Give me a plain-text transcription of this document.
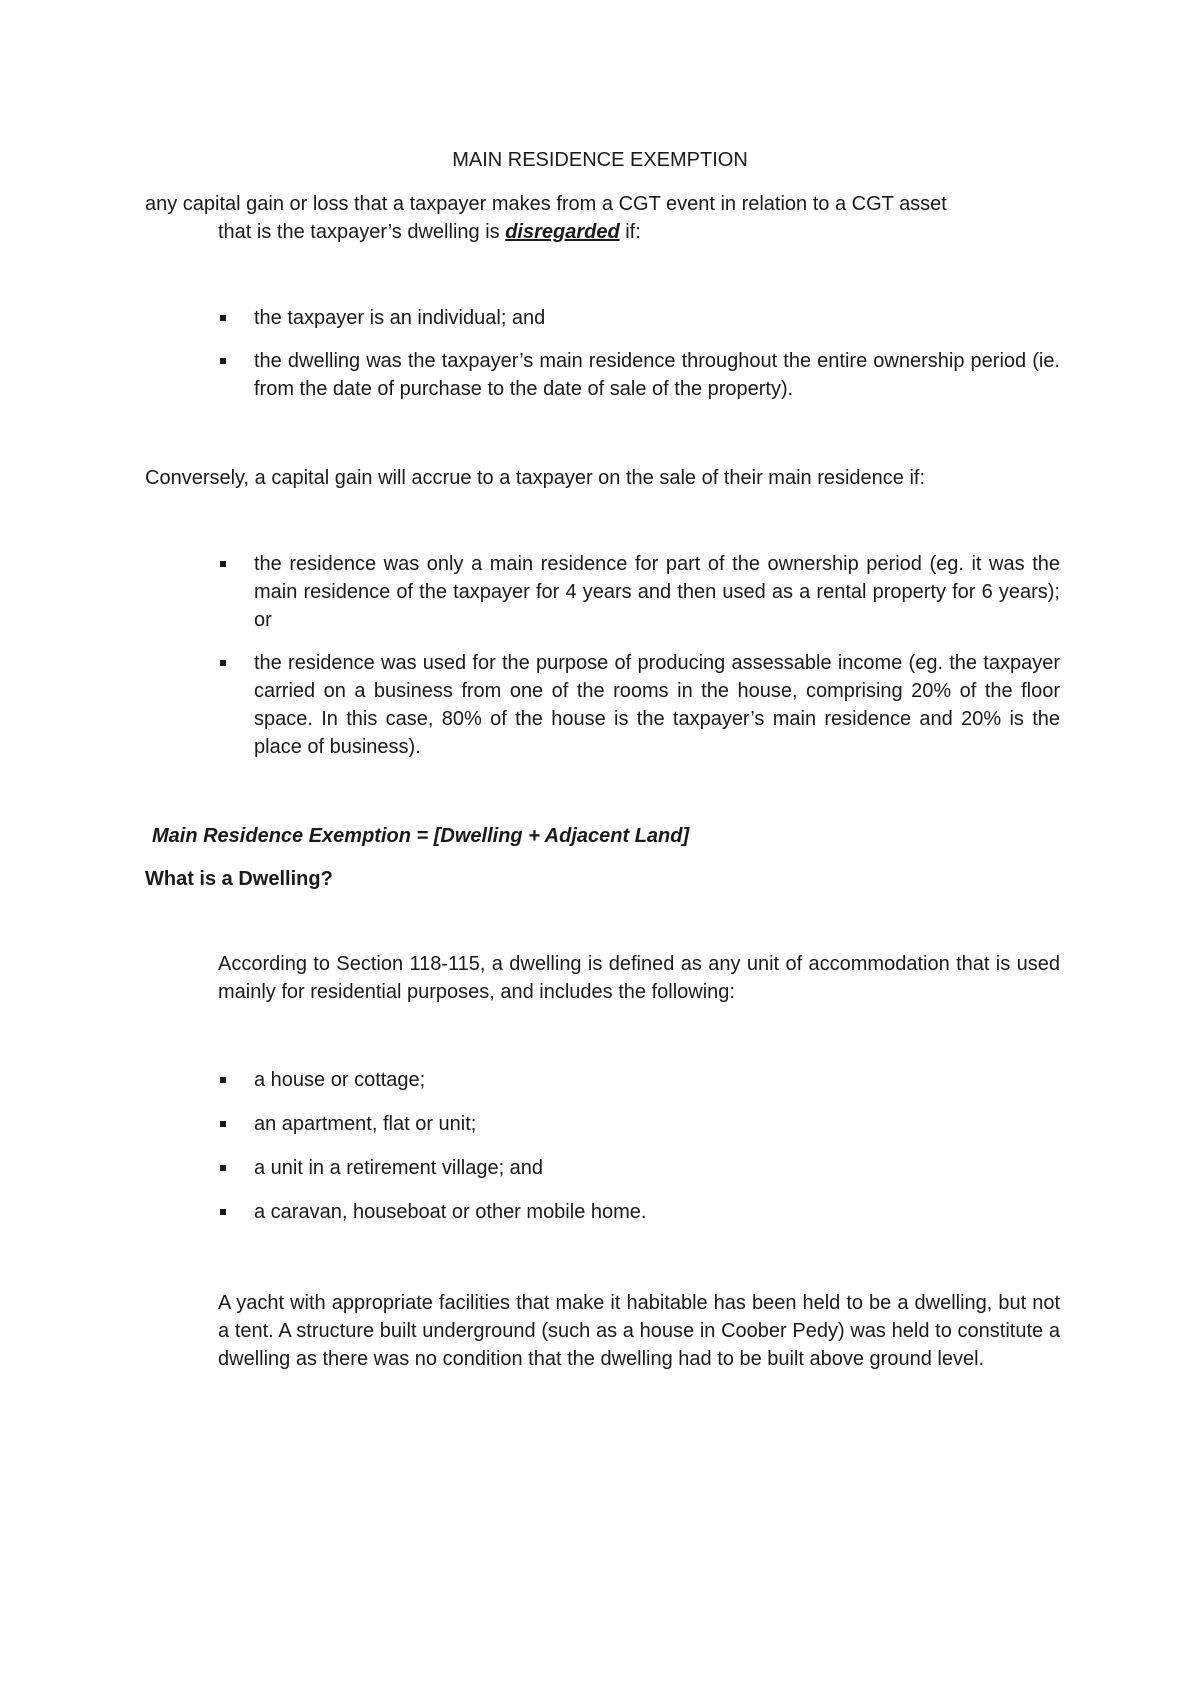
MAIN RESIDENCE EXEMPTION

any capital gain or loss that a taxpayer makes from a CGT event in relation to a CGT asset
that is the taxpayer’s dwelling is disregarded if:

the taxpayer is an individual; and
the dwelling was the taxpayer’s main residence throughout the entire ownership period (ie. from the date of purchase to the date of sale of the property).

Conversely, a capital gain will accrue to a taxpayer on the sale of their main residence if:

the residence was only a main residence for part of the ownership period (eg. it was the main residence of the taxpayer for 4 years and then used as a rental property for 6 years); or
the residence was used for the purpose of producing assessable income (eg. the taxpayer carried on a business from one of the rooms in the house, comprising 20% of the floor space. In this case, 80% of the house is the taxpayer’s main residence and 20% is the place of business).

Main Residence Exemption = [Dwelling + Adjacent Land]

What is a Dwelling?

According to Section 118-115, a dwelling is defined as any unit of accommodation that is used mainly for residential purposes, and includes the following:

a house or cottage;
an apartment, flat or unit;
a unit in a retirement village; and
a caravan, houseboat or other mobile home.

A yacht with appropriate facilities that make it habitable has been held to be a dwelling, but not a tent. A structure built underground (such as a house in Coober Pedy) was held to constitute a dwelling as there was no condition that the dwelling had to be built above ground level.
